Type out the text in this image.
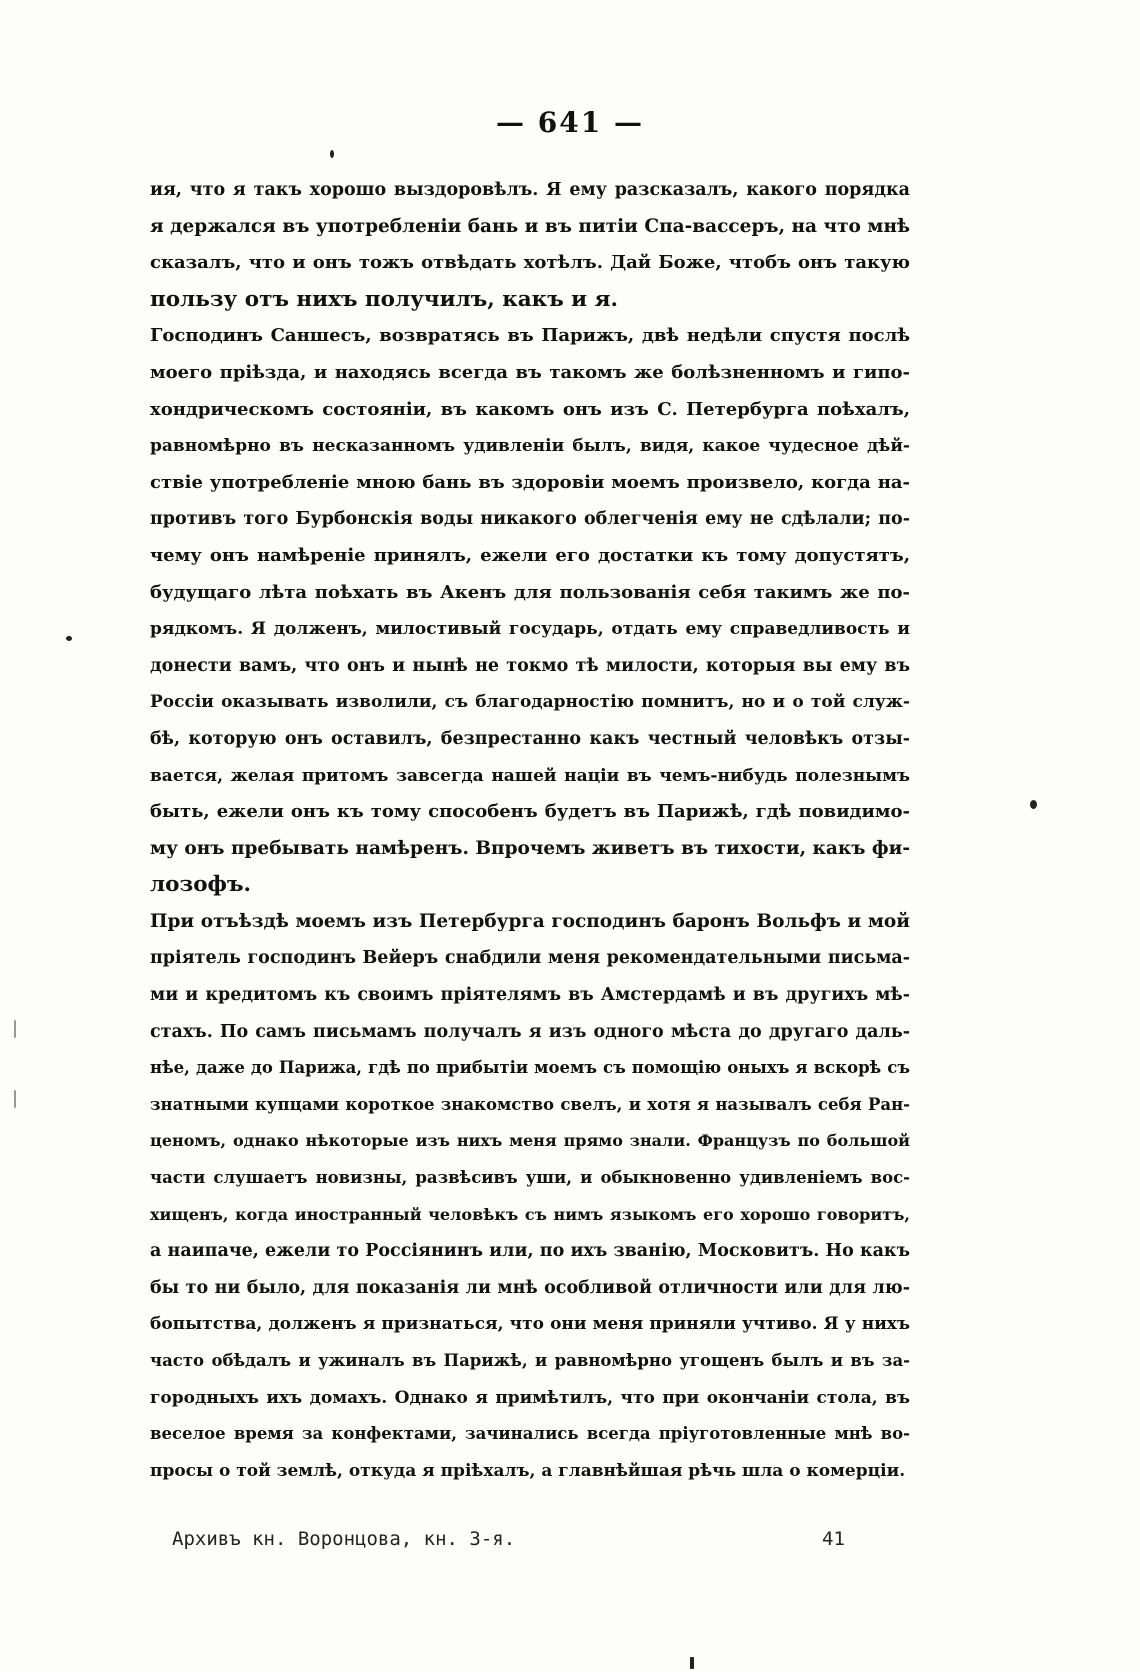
— 641 —

ия, что я такъ хорошо выздоровѣлъ. Я ему разсказалъ, какого порядка
я держался въ употребленіи бань и въ питіи Спа-вассеръ, на что мнѣ
сказалъ, что и онъ тожъ отвѣдать хотѣлъ. Дай Боже, чтобъ онъ такую
пользу отъ нихъ получилъ, какъ и я.

Господинъ Саншесъ, возвратясь въ Парижъ, двѣ недѣли спустя послѣ
моего пріѣзда, и находясь всегда въ такомъ же болѣзненномъ и гипо-
хондрическомъ состояніи, въ какомъ онъ изъ С. Петербурга поѣхалъ,
равномѣрно въ несказанномъ удивленіи былъ, видя, какое чудесное дѣй-
ствіе употребленіе мною бань въ здоровіи моемъ произвело, когда на-
противъ того Бурбонскія воды никакого облегченія ему не сдѣлали; по-
чему онъ намѣреніе принялъ, ежели его достатки къ тому допустятъ,
будущаго лѣта поѣхать въ Акенъ для пользованія себя такимъ же по-
рядкомъ. Я долженъ, милостивый государь, отдать ему справедливость и
донести вамъ, что онъ и нынѣ не токмо тѣ милости, которыя вы ему въ
Россіи оказывать изволили, съ благодарностію помнитъ, но и о той служ-
бѣ, которую онъ оставилъ, безпрестанно какъ честный человѣкъ отзы-
вается, желая притомъ завсегда нашей націи въ чемъ-нибудь полезнымъ
быть, ежели онъ къ тому способенъ будетъ въ Парижѣ, гдѣ повидимо-
му онъ пребывать намѣренъ. Впрочемъ живетъ въ тихости, какъ фи-
лозофъ.

При отъѣздѣ моемъ изъ Петербурга господинъ баронъ Вольфъ и мой
пріятель господинъ Вейеръ снабдили меня рекомендательными письма-
ми и кредитомъ къ своимъ пріятелямъ въ Амстердамѣ и въ другихъ мѣ-
стахъ. По самъ письмамъ получалъ я изъ одного мѣста до другаго даль-
нѣе, даже до Парижа, гдѣ по прибытіи моемъ съ помощію оныхъ я вскорѣ съ
знатными купцами короткое знакомство свелъ, и хотя я называлъ себя Ран-
ценомъ, однако нѣкоторые изъ нихъ меня прямо знали. Французъ по большой
части слушаетъ новизны, развѣсивъ уши, и обыкновенно удивленіемъ вос-
хищенъ, когда иностранный человѣкъ съ нимъ языкомъ его хорошо говоритъ,
а наипаче, ежели то Россіянинъ или, по ихъ званію, Московитъ. Но какъ
бы то ни было, для показанія ли мнѣ особливой отличности или для лю-
бопытства, долженъ я признаться, что они меня приняли учтиво. Я у нихъ
часто обѣдалъ и ужиналъ въ Парижѣ, и равномѣрно угощенъ былъ и въ за-
городныхъ ихъ домахъ. Однако я примѣтилъ, что при окончаніи стола, въ
веселое время за конфектами, зачинались всегда пріуготовленные мнѣ во-
просы о той землѣ, откуда я пріѣхалъ, а главнѣйшая рѣчь шла о комерціи.

Архивъ кн. Воронцова, кн. 3-я.	41
